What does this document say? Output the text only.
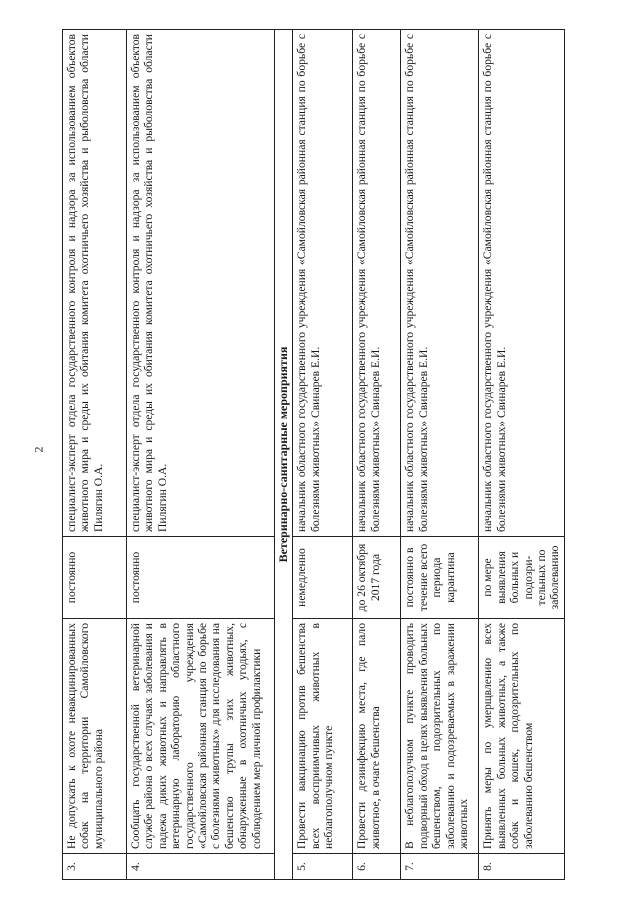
2
3.	Не допускать к охоте невакцинированных собак на территории Самойловского муниципального района	постоянно	специалист-эксперт отдела государственного контроля и надзора за использованием объектов животного мира и среды их обитания комитета охотничьего хозяйства и рыболовства области Пилягин О.А.
4.	Сообщать государственной ветеринарной службе района о всех случаях заболевания и падежа диких животных и направлять в ветеринарную лабораторию областного государственного учреждения «Самойловская районная станция по борьбе с болезнями животных» для исследования на бешенство трупы этих животных, обнаруженные в охотничьих угодьях, с соблюдением мер личной профилактики	постоянно	специалист-эксперт отдела государственного контроля и надзора за использованием объектов животного мира и среды их обитания комитета охотничьего хозяйства и рыболовства области Пилягин О.А.
Ветеринарно-санитарные мероприятия			
5.	Провести вакцинацию против бешенства всех восприимчивых животных в неблагополучном пункте	немедленно	начальник областного государственного учреждения «Самойловская районная станция по борьбе с болезнями животных» Свинарев Е.И.
6.	Провести дезинфекцию места, где пало животное, в очаге бешенства	до 26 октября 2017 года	начальник областного государственного учреждения «Самойловская районная станция по борьбе с болезнями животных» Свинарев Е.И.
7.	В неблагополучном пункте проводить подворный обход в целях выявления больных бешенством, подозрительных по заболеванию и подозреваемых в заражении животных	постоянно в течение всего периода карантина	начальник областного государственного учреждения «Самойловская районная станция по борьбе с болезнями животных» Свинарев Е.И.
8.	Принять меры по умерщвлению всех выявленных больных животных, а также собак и кошек, подозрительных по заболеванию бешенством	по мере выявления больных и подозри- тельных по заболеванию	начальник областного государственного учреждения «Самойловская районная станция по борьбе с болезнями животных» Свинарев Е.И.
